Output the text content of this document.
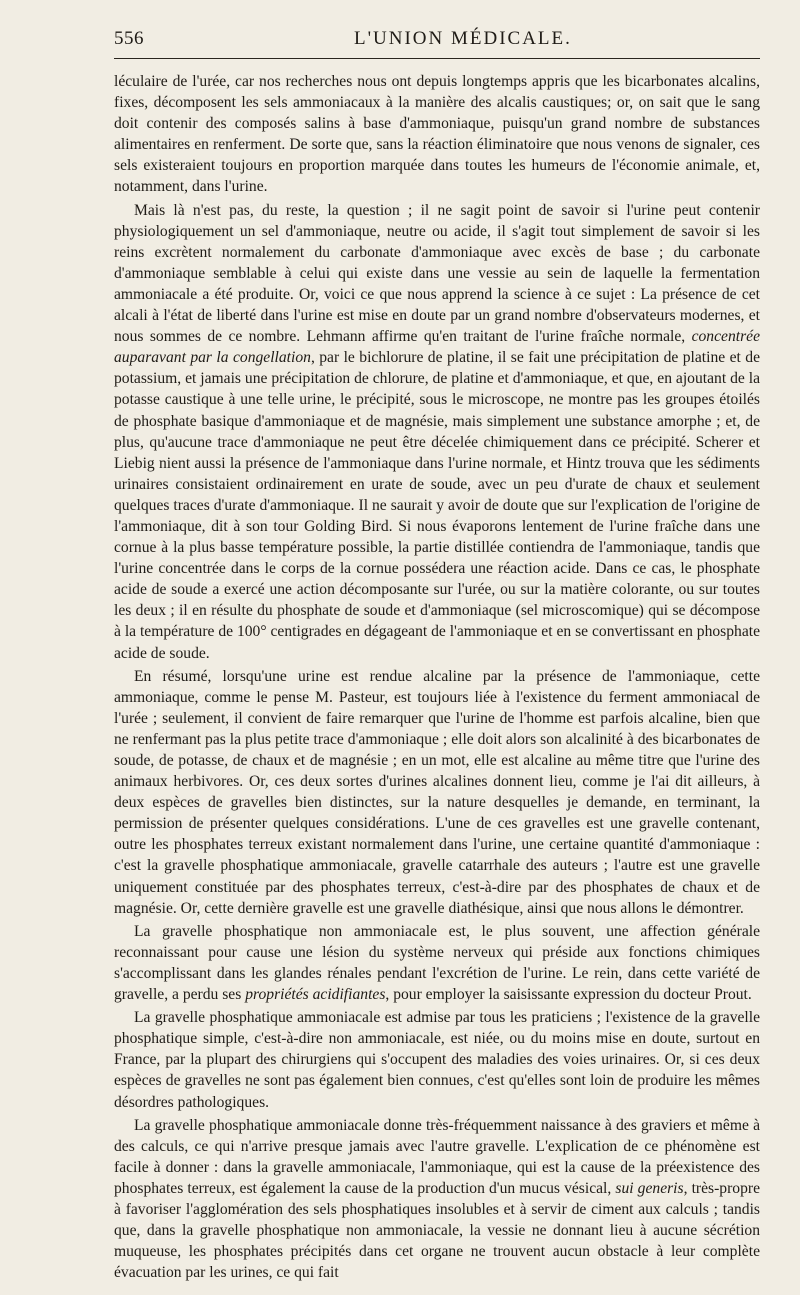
556	L'UNION MÉDICALE.

léculaire de l'urée, car nos recherches nous ont depuis longtemps appris que les bicarbonates alcalins, fixes, décomposent les sels ammoniacaux à la manière des alcalis caustiques; or, on sait que le sang doit contenir des composés salins à base d'ammoniaque, puisqu'un grand nombre de substances alimentaires en renferment. De sorte que, sans la réaction éliminatoire que nous venons de signaler, ces sels existeraient toujours en proportion marquée dans toutes les humeurs de l'économie animale, et, notamment, dans l'urine.

Mais là n'est pas, du reste, la question ; il ne sagit point de savoir si l'urine peut contenir physiologiquement un sel d'ammoniaque, neutre ou acide, il s'agit tout simplement de savoir si les reins excrètent normalement du carbonate d'ammoniaque avec excès de base ; du carbonate d'ammoniaque semblable à celui qui existe dans une vessie au sein de laquelle la fermentation ammoniacale a été produite. Or, voici ce que nous apprend la science à ce sujet : La présence de cet alcali à l'état de liberté dans l'urine est mise en doute par un grand nombre d'observateurs modernes, et nous sommes de ce nombre. Lehmann affirme qu'en traitant de l'urine fraîche normale, concentrée auparavant par la congellation, par le bichlorure de platine, il se fait une précipitation de platine et de potassium, et jamais une précipitation de chlorure, de platine et d'ammoniaque, et que, en ajoutant de la potasse caustique à une telle urine, le précipité, sous le microscope, ne montre pas les groupes étoilés de phosphate basique d'ammoniaque et de magnésie, mais simplement une substance amorphe ; et, de plus, qu'aucune trace d'ammoniaque ne peut être décelée chimiquement dans ce précipité. Scherer et Liebig nient aussi la présence de l'ammoniaque dans l'urine normale, et Hintz trouva que les sédiments urinaires consistaient ordinairement en urate de soude, avec un peu d'urate de chaux et seulement quelques traces d'urate d'ammoniaque. Il ne saurait y avoir de doute que sur l'explication de l'origine de l'ammoniaque, dit à son tour Golding Bird. Si nous évaporons lentement de l'urine fraîche dans une cornue à la plus basse température possible, la partie distillée contiendra de l'ammoniaque, tandis que l'urine concentrée dans le corps de la cornue possédera une réaction acide. Dans ce cas, le phosphate acide de soude a exercé une action décomposante sur l'urée, ou sur la matière colorante, ou sur toutes les deux ; il en résulte du phosphate de soude et d'ammoniaque (sel microscomique) qui se décompose à la température de 100° centigrades en dégageant de l'ammoniaque et en se convertissant en phosphate acide de soude.

En résumé, lorsqu'une urine est rendue alcaline par la présence de l'ammoniaque, cette ammoniaque, comme le pense M. Pasteur, est toujours liée à l'existence du ferment ammoniacal de l'urée ; seulement, il convient de faire remarquer que l'urine de l'homme est parfois alcaline, bien que ne renfermant pas la plus petite trace d'ammoniaque ; elle doit alors son alcalinité à des bicarbonates de soude, de potasse, de chaux et de magnésie ; en un mot, elle est alcaline au même titre que l'urine des animaux herbivores. Or, ces deux sortes d'urines alcalines donnent lieu, comme je l'ai dit ailleurs, à deux espèces de gravelles bien distinctes, sur la nature desquelles je demande, en terminant, la permission de présenter quelques considérations. L'une de ces gravelles est une gravelle contenant, outre les phosphates terreux existant normalement dans l'urine, une certaine quantité d'ammoniaque : c'est la gravelle phosphatique ammoniacale, gravelle catarrhale des auteurs ; l'autre est une gravelle uniquement constituée par des phosphates terreux, c'est-à-dire par des phosphates de chaux et de magnésie. Or, cette dernière gravelle est une gravelle diathésique, ainsi que nous allons le démontrer.

La gravelle phosphatique non ammoniacale est, le plus souvent, une affection générale reconnaissant pour cause une lésion du système nerveux qui préside aux fonctions chimiques s'accomplissant dans les glandes rénales pendant l'excrétion de l'urine. Le rein, dans cette variété de gravelle, a perdu ses propriétés acidifiantes, pour employer la saisissante expression du docteur Prout.

La gravelle phosphatique ammoniacale est admise par tous les praticiens ; l'existence de la gravelle phosphatique simple, c'est-à-dire non ammoniacale, est niée, ou du moins mise en doute, surtout en France, par la plupart des chirurgiens qui s'occupent des maladies des voies urinaires. Or, si ces deux espèces de gravelles ne sont pas également bien connues, c'est qu'elles sont loin de produire les mêmes désordres pathologiques.

La gravelle phosphatique ammoniacale donne très-fréquemment naissance à des graviers et même à des calculs, ce qui n'arrive presque jamais avec l'autre gravelle. L'explication de ce phénomène est facile à donner : dans la gravelle ammoniacale, l'ammoniaque, qui est la cause de la préexistence des phosphates terreux, est également la cause de la production d'un mucus vésical, sui generis, très-propre à favoriser l'agglomération des sels phosphatiques insolubles et à servir de ciment aux calculs ; tandis que, dans la gravelle phosphatique non ammoniacale, la vessie ne donnant lieu à aucune sécrétion muqueuse, les phosphates précipités dans cet organe ne trouvent aucun obstacle à leur complète évacuation par les urines, ce qui fait
